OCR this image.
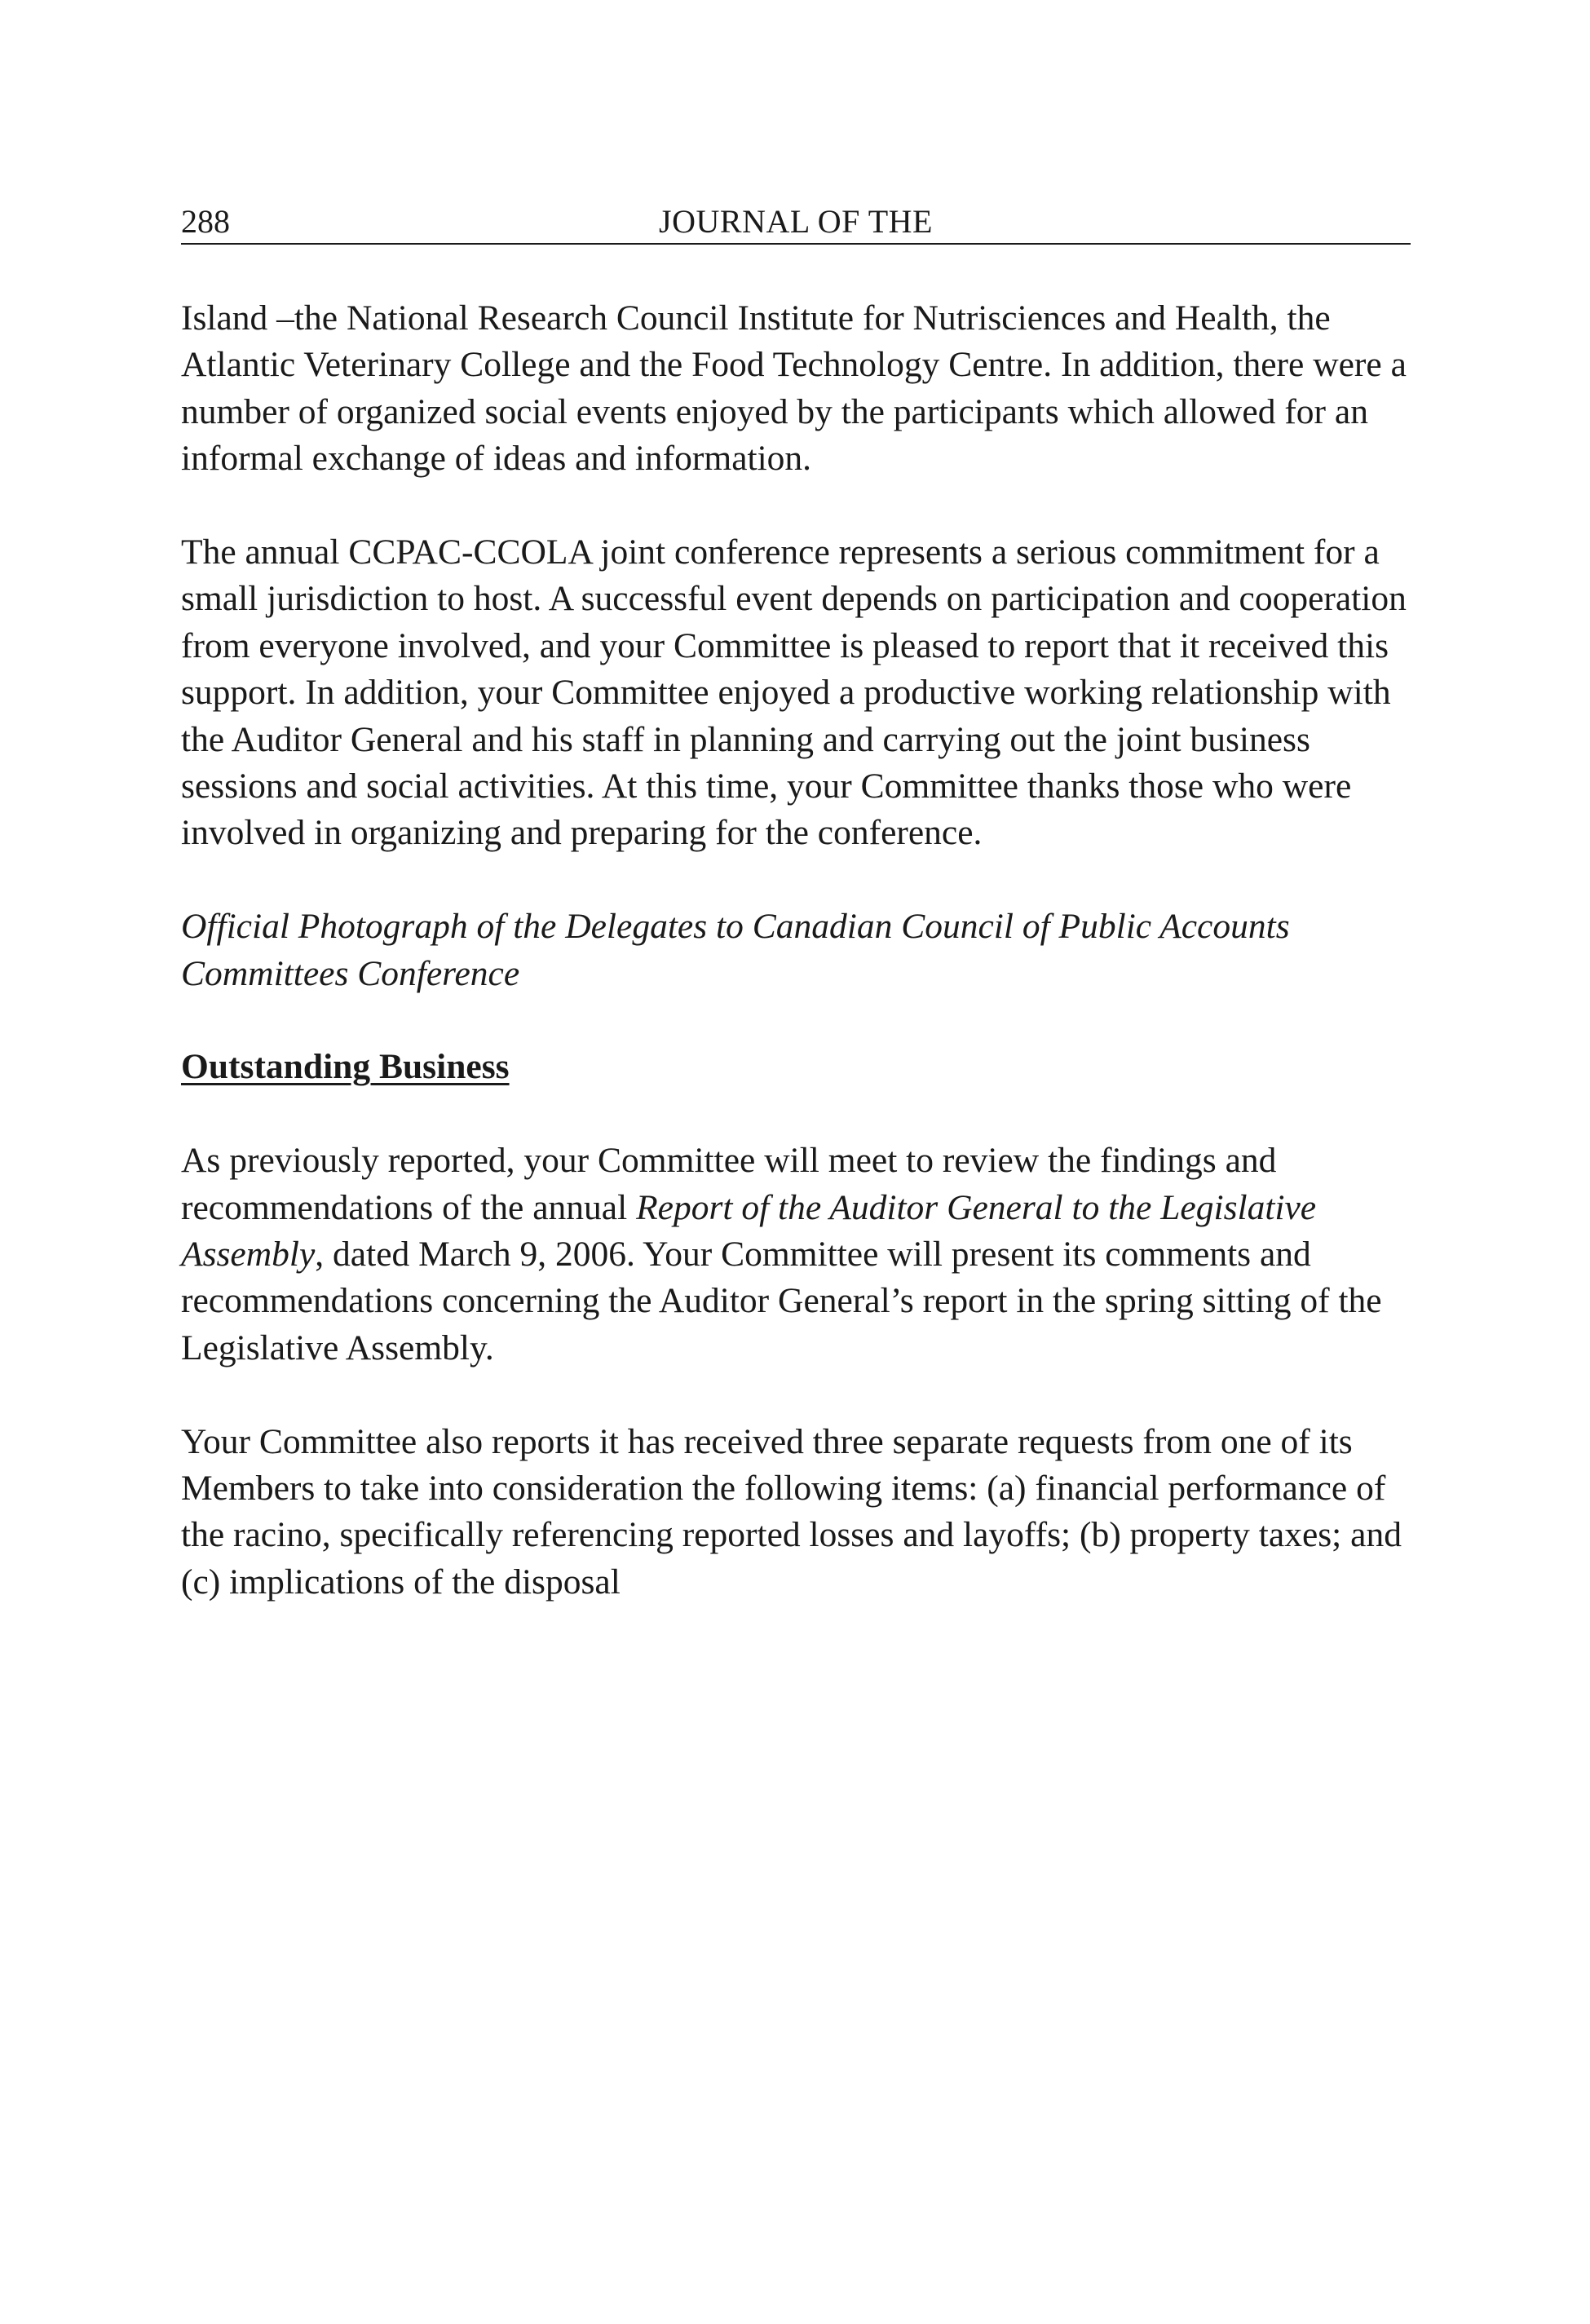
288	JOURNAL OF THE

Island –the National Research Council Institute for Nutrisciences and Health, the Atlantic Veterinary College and the Food Technology Centre. In addition, there were a number of organized social events enjoyed by the participants which allowed for an informal exchange of ideas and information.

The annual CCPAC-CCOLA joint conference represents a serious commitment for a small jurisdiction to host. A successful event depends on participation and cooperation from everyone involved, and your Committee is pleased to report that it received this support. In addition, your Committee enjoyed a productive working relationship with the Auditor General and his staff in planning and carrying out the joint business sessions and social activities. At this time, your Committee thanks those who were involved in organizing and preparing for the conference.

Official Photograph of the Delegates to Canadian Council of Public Accounts Committees Conference

Outstanding Business

As previously reported, your Committee will meet to review the findings and recommendations of the annual Report of the Auditor General to the Legislative Assembly, dated March 9, 2006. Your Committee will present its comments and recommendations concerning the Auditor General’s report in the spring sitting of the Legislative Assembly.

Your Committee also reports it has received three separate requests from one of its Members to take into consideration the following items: (a) financial performance of the racino, specifically referencing reported losses and layoffs; (b) property taxes; and (c) implications of the disposal
